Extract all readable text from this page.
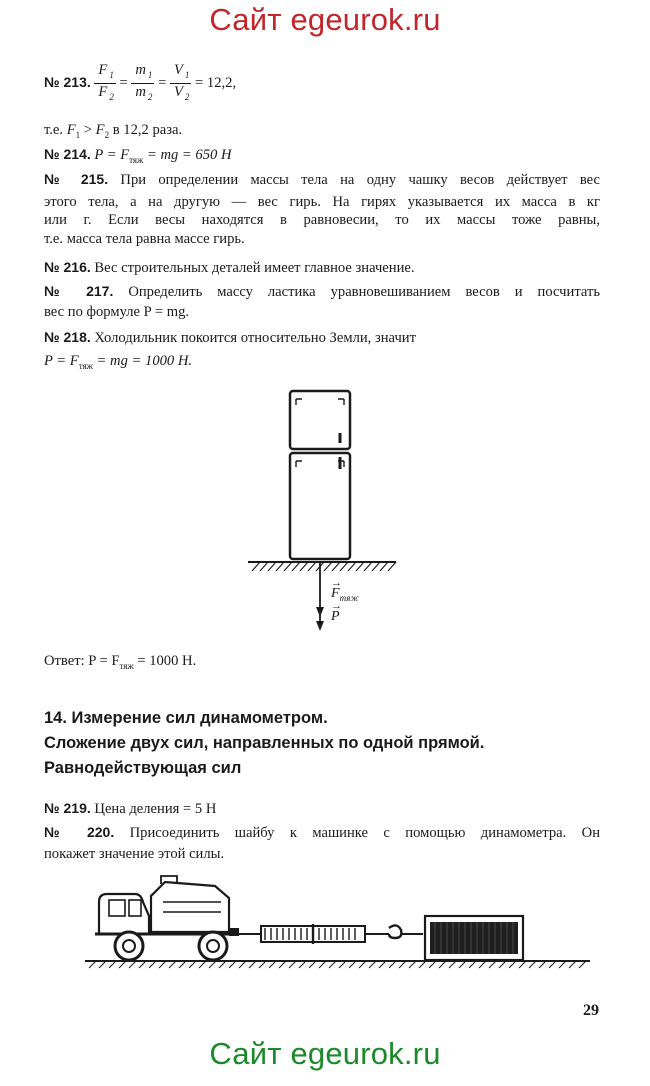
Сайт egeurok.ru
№ 213. $\frac{F _1}{F _2} = \frac{m _1}{m _2} = \frac{V _1}{V _2} = 12,2$,
т.е. $F_1 > F_2$ в 12,2 раза.
№ 214. $P = F_{тяж}$ = mg = 650 Н
№ 215. При определении массы тела на одну чашку весов действует вес
этого тела, а на другую — вес гирь. На гирях указывается их масса в кг
или г. Если весы находятся в равновесии, то их массы тоже равны,
т.е. масса тела равна массе гирь.
№ 216. Вес строительных деталей имеет главное значение.
№ 217. Определить массу ластика уравновешиванием весов и посчитать
вес по формуле P = mg.
№ 218. Холодильник покоится относительно Земли, значит
$P = F_{тяж}$ = mg = 1000 Н.
→
$F_{тяж}$
→
P
Ответ: $P = F_{тяж} = 1000$ Н.
14. Измерение сил динамометром.
Сложение двух сил, направленных по одной прямой.
Равнодействующая сил
№ 219. Цена деления = 5 Н
№ 220. Присоединить шайбу к машинке с помощью динамометра. Он
покажет значение этой силы.
29
Сайт egeurok.ru
